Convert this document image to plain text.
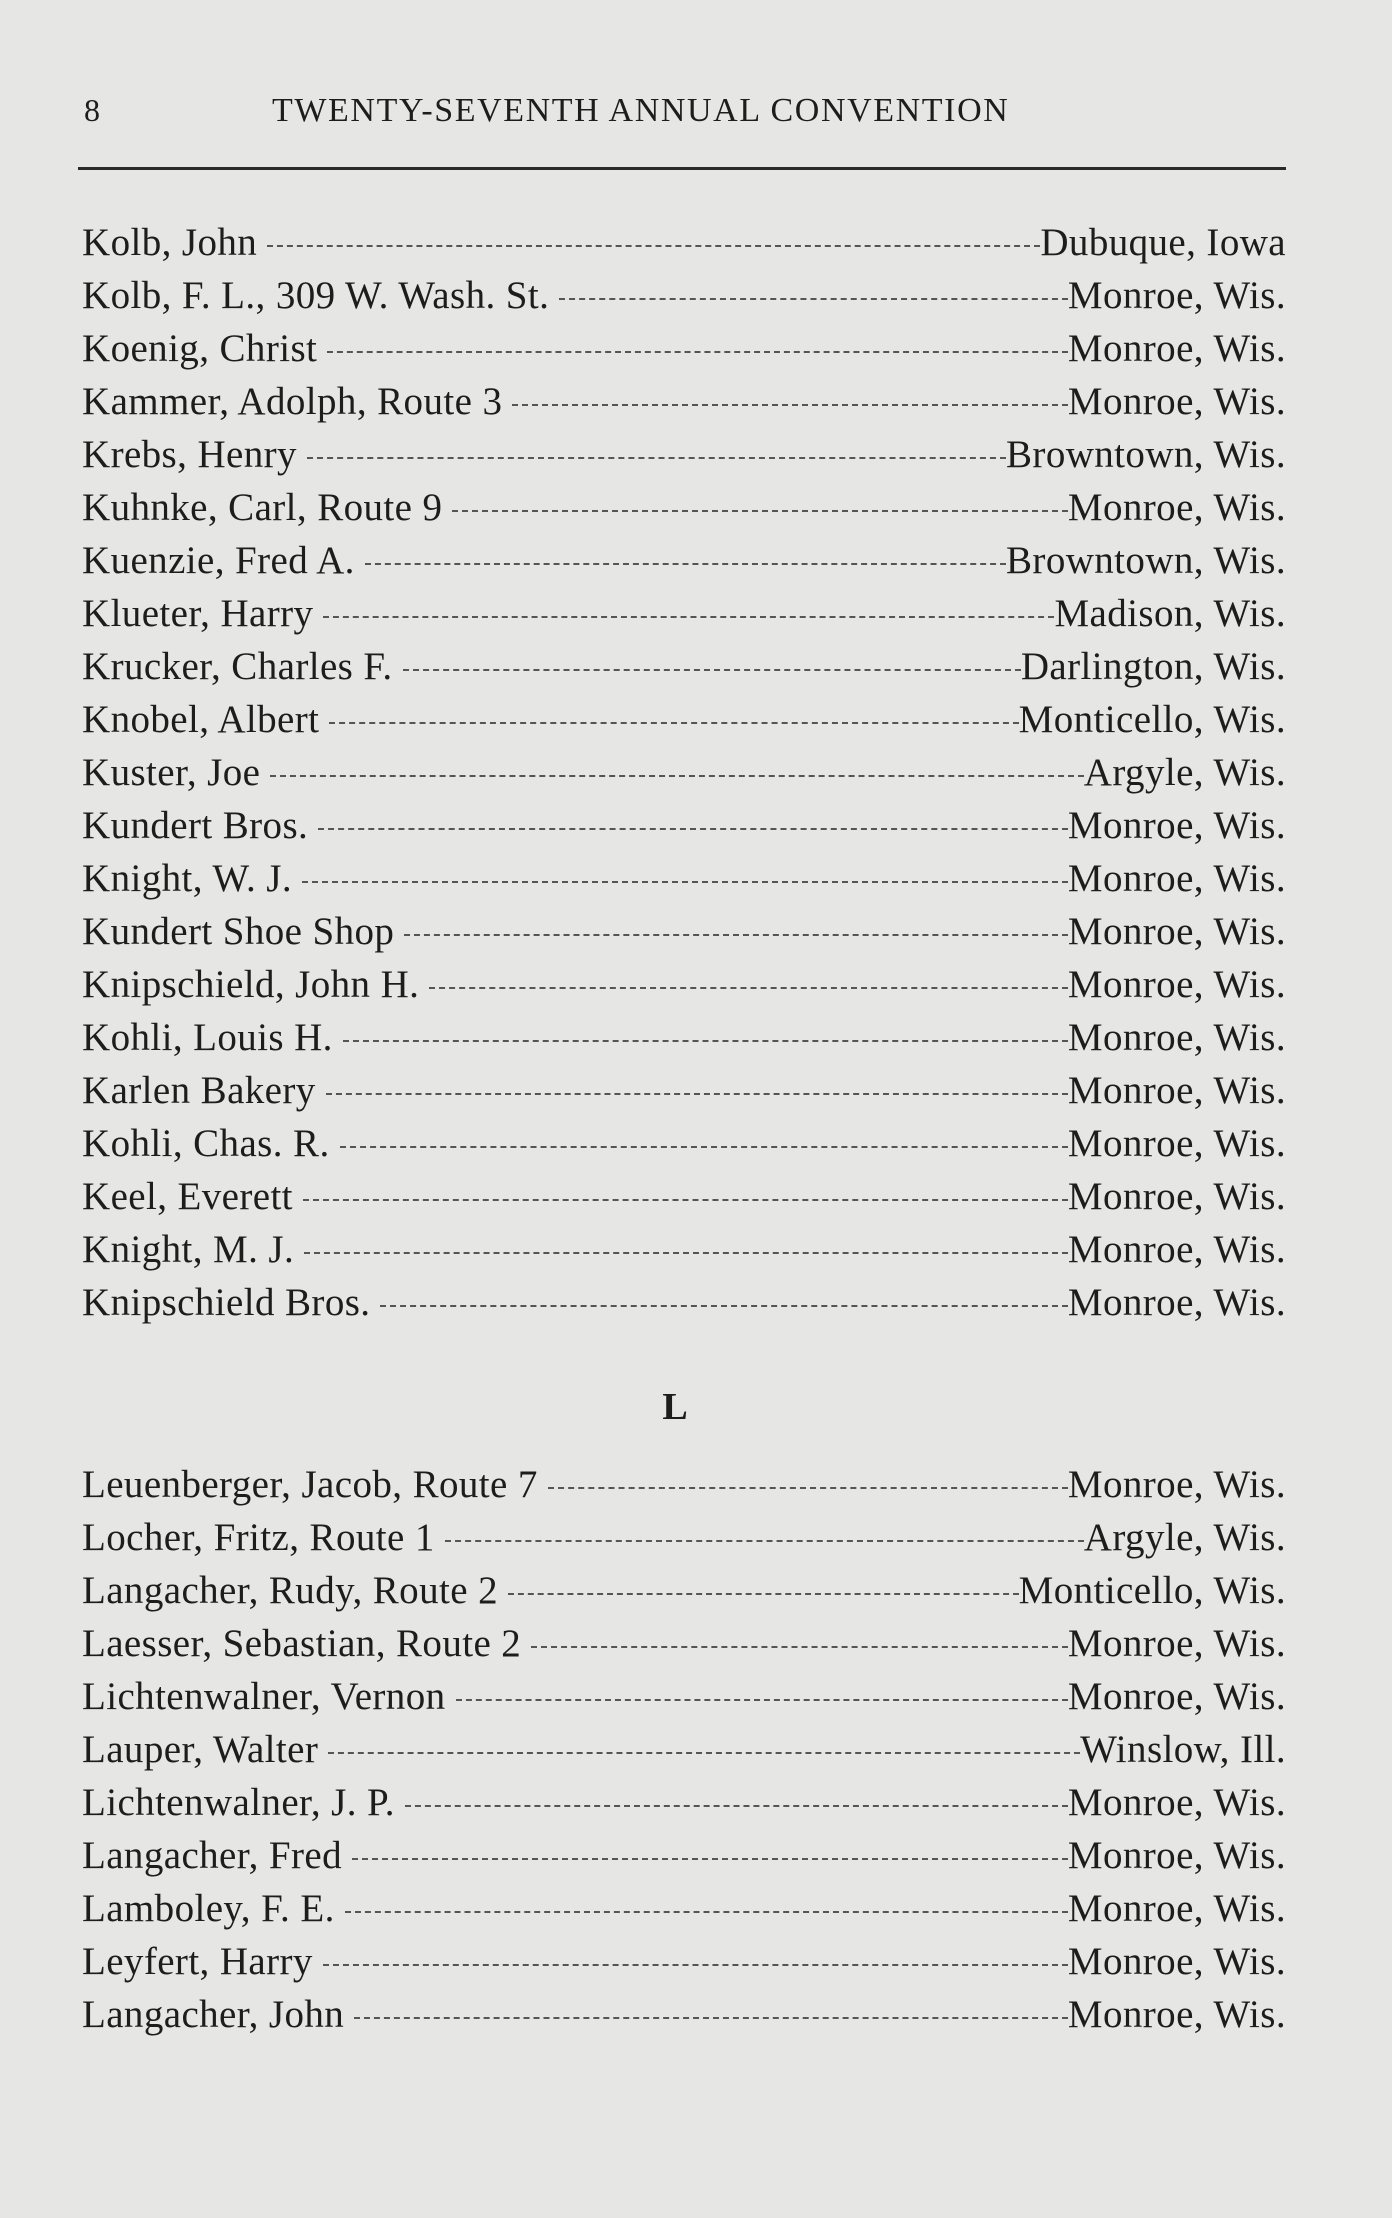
8	TWENTY-SEVENTH ANNUAL CONVENTION
Kolb, John	Dubuque, Iowa
Kolb, F. L., 309 W. Wash. St.	Monroe, Wis.
Koenig, Christ	Monroe, Wis.
Kammer, Adolph, Route 3	Monroe, Wis.
Krebs, Henry	Browntown, Wis.
Kuhnke, Carl, Route 9	Monroe, Wis.
Kuenzie, Fred A.	Browntown, Wis.
Klueter, Harry	Madison, Wis.
Krucker, Charles F.	Darlington, Wis.
Knobel, Albert	Monticello, Wis.
Kuster, Joe	Argyle, Wis.
Kundert Bros.	Monroe, Wis.
Knight, W. J.	Monroe, Wis.
Kundert Shoe Shop	Monroe, Wis.
Knipschield, John H.	Monroe, Wis.
Kohli, Louis H.	Monroe, Wis.
Karlen Bakery	Monroe, Wis.
Kohli, Chas. R.	Monroe, Wis.
Keel, Everett	Monroe, Wis.
Knight, M. J.	Monroe, Wis.
Knipschield Bros.	Monroe, Wis.
L
Leuenberger, Jacob, Route 7	Monroe, Wis.
Locher, Fritz, Route 1	Argyle, Wis.
Langacher, Rudy, Route 2	Monticello, Wis.
Laesser, Sebastian, Route 2	Monroe, Wis.
Lichtenwalner, Vernon	Monroe, Wis.
Lauper, Walter	Winslow, Ill.
Lichtenwalner, J. P.	Monroe, Wis.
Langacher, Fred	Monroe, Wis.
Lamboley, F. E.	Monroe, Wis.
Leyfert, Harry	Monroe, Wis.
Langacher, John	Monroe, Wis.
